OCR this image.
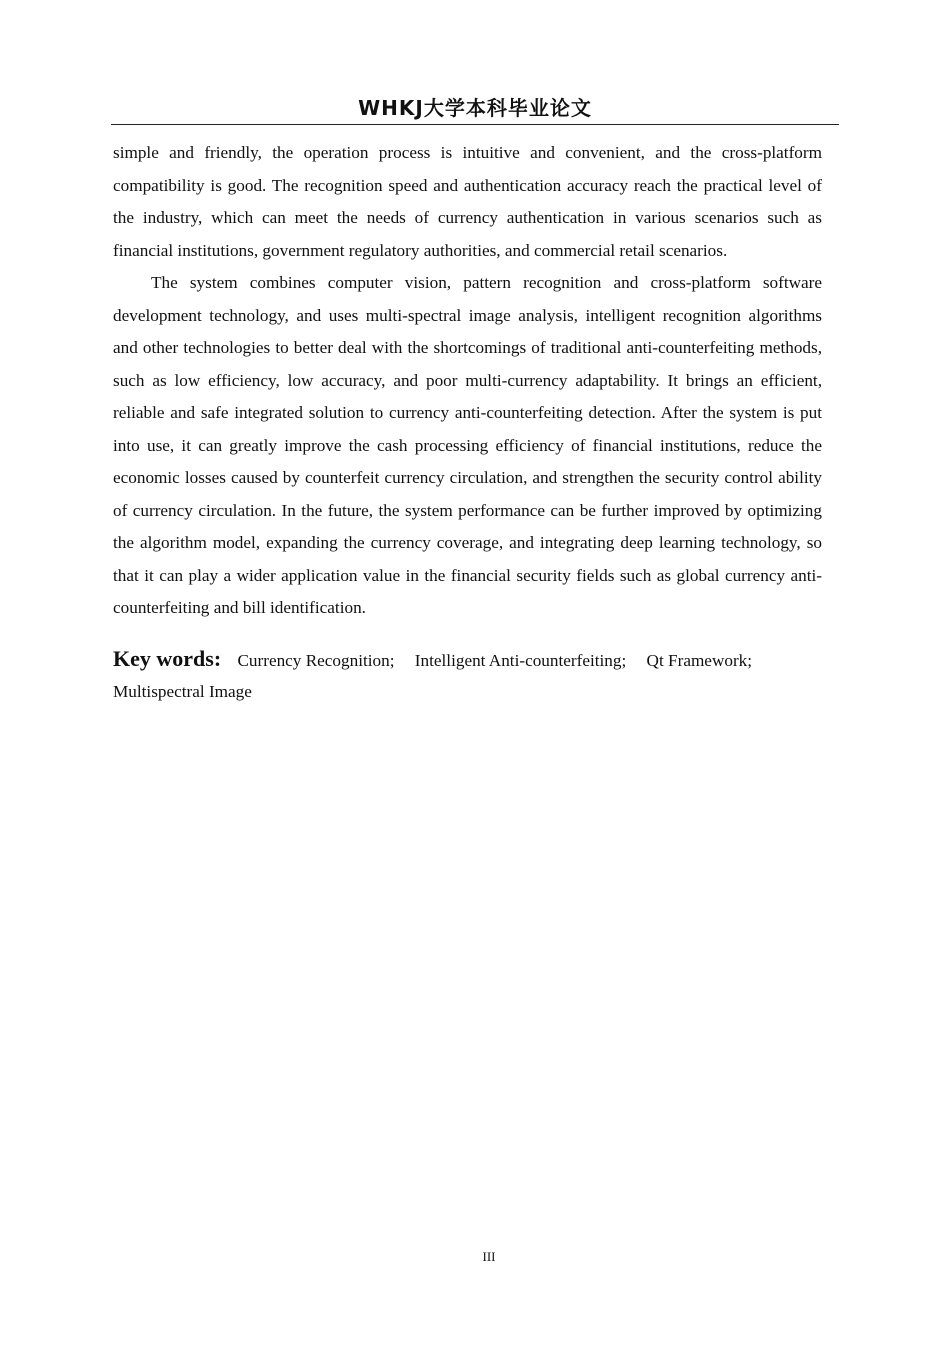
WHKJ大学本科毕业论文

simple and friendly, the operation process is intuitive and convenient, and the cross-platform compatibility is good. The recognition speed and authentication accuracy reach the practical level of the industry, which can meet the needs of currency authentication in various scenarios such as financial institutions, government regulatory authorities, and commercial retail scenarios.

The system combines computer vision, pattern recognition and cross-platform software development technology, and uses multi-spectral image analysis, intelligent recognition algorithms and other technologies to better deal with the shortcomings of traditional anti-counterfeiting methods, such as low efficiency, low accuracy, and poor multi-currency adaptability. It brings an efficient, reliable and safe integrated solution to currency anti-counterfeiting detection. After the system is put into use, it can greatly improve the cash processing efficiency of financial institutions, reduce the economic losses caused by counterfeit currency circulation, and strengthen the security control ability of currency circulation. In the future, the system performance can be further improved by optimizing the algorithm model, expanding the currency coverage, and integrating deep learning technology, so that it can play a wider application value in the financial security fields such as global currency anti-counterfeiting and bill identification.

Key words: Currency Recognition; Intelligent Anti-counterfeiting; Qt Framework; Multispectral Image
III
